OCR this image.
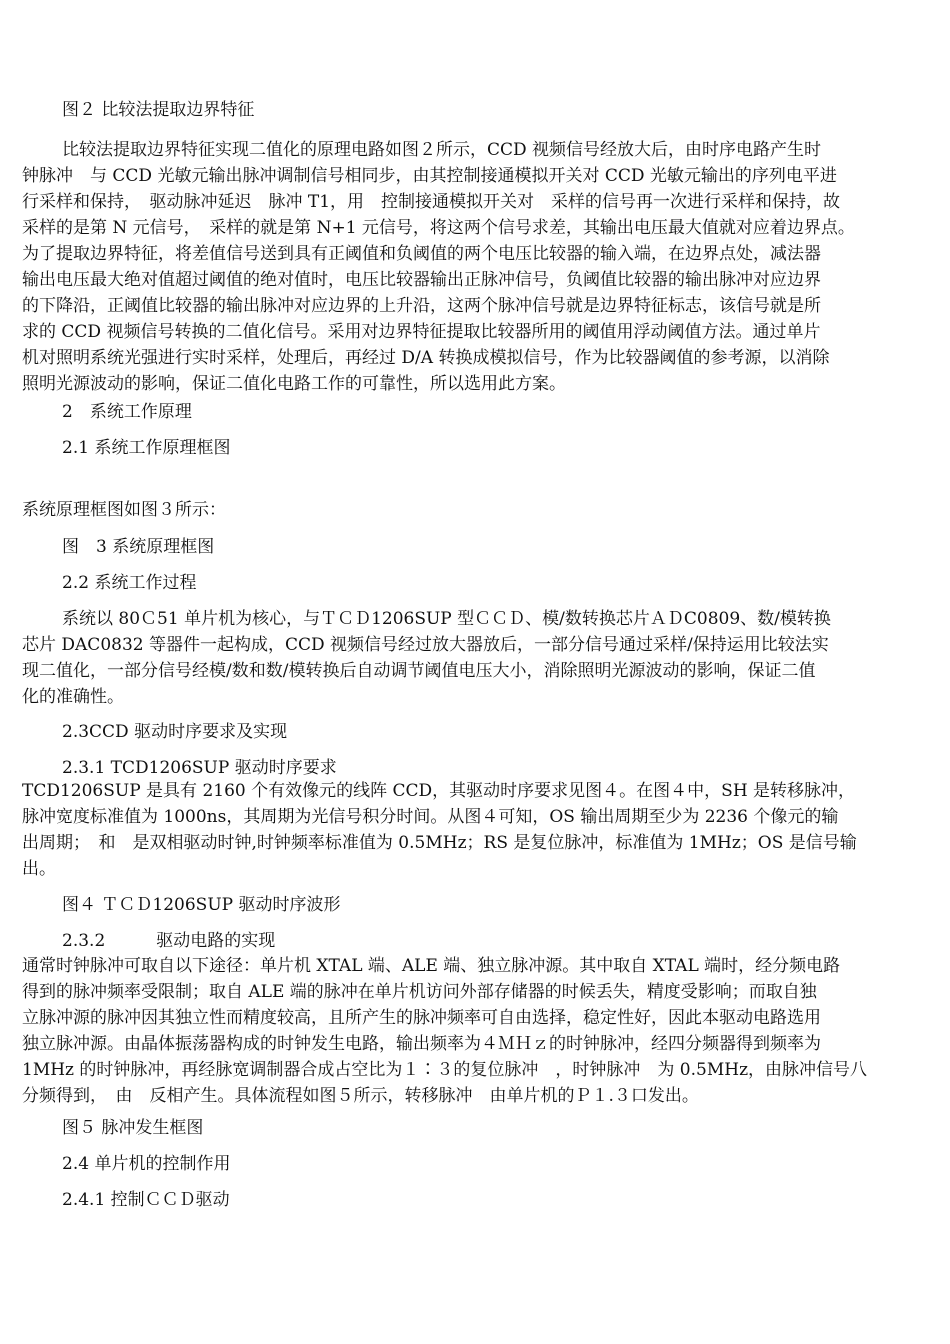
图２ 比较法提取边界特征
比较法提取边界特征实现二值化的原理电路如图２所示，CCD 视频信号经放大后，由时序电路产生时
钟脉冲　与 CCD 光敏元输出脉冲调制信号相同步，由其控制接通模拟开关对 CCD 光敏元输出的序列电平进
行采样和保持，　驱动脉冲延迟　脉冲 T1，用　控制接通模拟开关对　采样的信号再一次进行采样和保持，故
采样的是第 N 元信号，　采样的就是第 N+1 元信号，将这两个信号求差，其输出电压最大值就对应着边界点。
为了提取边界特征，将差值信号送到具有正阈值和负阈值的两个电压比较器的输入端，在边界点处，减法器
输出电压最大绝对值超过阈值的绝对值时，电压比较器输出正脉冲信号，负阈值比较器的输出脉冲对应边界
的下降沿，正阈值比较器的输出脉冲对应边界的上升沿，这两个脉冲信号就是边界特征标志，该信号就是所
求的 CCD 视频信号转换的二值化信号。采用对边界特征提取比较器所用的阈值用浮动阈值方法。通过单片
机对照明系统光强进行实时采样，处理后，再经过 D/A 转换成模拟信号，作为比较器阈值的参考源，以消除
照明光源波动的影响，保证二值化电路工作的可靠性，所以选用此方案。
2　系统工作原理
2.1 系统工作原理框图
系统原理框图如图３所示：
图　3 系统原理框图
2.2 系统工作过程
系统以 80Ｃ51 单片机为核心，与ＴＣＤ1206SUP 型ＣＣＤ、模/数转换芯片ＡＤC0809、数/模转换
芯片 DAC0832 等器件一起构成，CCD 视频信号经过放大器放后，一部分信号通过采样/保持运用比较法实
现二值化，一部分信号经模/数和数/模转换后自动调节阈值电压大小，消除照明光源波动的影响，保证二值
化的准确性。
2.3CCD 驱动时序要求及实现
2.3.1 TCD1206SUP 驱动时序要求
TCD1206SUP 是具有 2160 个有效像元的线阵 CCD，其驱动时序要求见图４。在图４中，SH 是转移脉冲，
脉冲宽度标准值为 1000ns，其周期为光信号积分时间。从图４可知，OS 输出周期至少为 2236 个像元的输
出周期；　和　是双相驱动时钟,时钟频率标准值为 0.5MHz；RS 是复位脉冲，标准值为 1MHz；OS 是信号输
出。
图４ ＴＣＤ1206SUP 驱动时序波形
2.3.2　　　驱动电路的实现
通常时钟脉冲可取自以下途径：单片机 XTAL 端、ALE 端、独立脉冲源。其中取自 XTAL 端时，经分频电路
得到的脉冲频率受限制；取自 ALE 端的脉冲在单片机访问外部存储器的时候丢失，精度受影响；而取自独
立脉冲源的脉冲因其独立性而精度较高，且所产生的脉冲频率可自由选择，稳定性好，因此本驱动电路选用
独立脉冲源。由晶体振荡器构成的时钟发生电路，输出频率为４ＭＨｚ的时钟脉冲，经四分频器得到频率为
1MHz 的时钟脉冲，再经脉宽调制器合成占空比为１∶３的复位脉冲　，时钟脉冲　为 0.5MHz，由脉冲信号八
分频得到，　由　反相产生。具体流程如图５所示，转移脉冲　由单片机的Ｐ１.３口发出。
图５ 脉冲发生框图
2.4 单片机的控制作用
2.4.1 控制ＣＣＤ驱动
